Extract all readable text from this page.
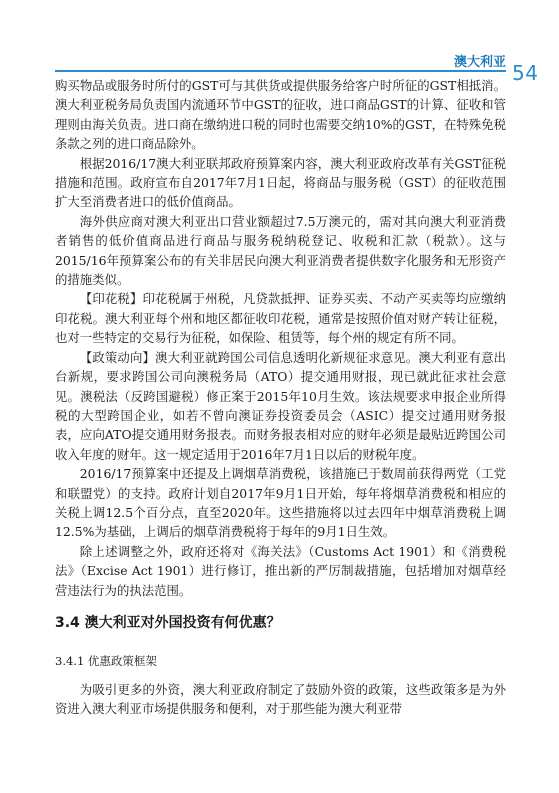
澳大利亚 54

购买物品或服务时所付的GST可与其供货或提供服务给客户时所征的GST相抵消。澳大利亚税务局负责国内流通环节中GST的征收，进口商品GST的计算、征收和管理则由海关负责。进口商在缴纳进口税的同时也需要交纳10%的GST，在特殊免税条款之列的进口商品除外。

根据2016/17澳大利亚联邦政府预算案内容，澳大利亚政府改革有关GST征税措施和范围。政府宣布自2017年7月1日起，将商品与服务税（GST）的征收范围扩大至消费者进口的低价值商品。

海外供应商对澳大利亚出口营业额超过7.5万澳元的，需对其向澳大利亚消费者销售的低价值商品进行商品与服务税纳税登记、收税和汇款（税款）。这与2015/16年预算案公布的有关非居民向澳大利亚消费者提供数字化服务和无形资产的措施类似。

【印花税】印花税属于州税，凡贷款抵押、证券买卖、不动产买卖等均应缴纳印花税。澳大利亚每个州和地区都征收印花税，通常是按照价值对财产转让征税，也对一些特定的交易行为征税，如保险、租赁等，每个州的规定有所不同。

【政策动向】澳大利亚就跨国公司信息透明化新规征求意见。澳大利亚有意出台新规，要求跨国公司向澳税务局（ATO）提交通用财报，现已就此征求社会意见。澳税法（反跨国避税）修正案于2015年10月生效。该法规要求申报企业所得税的大型跨国企业，如若不曾向澳证券投资委员会（ASIC）提交过通用财务报表，应向ATO提交通用财务报表。而财务报表相对应的财年必须是最贴近跨国公司收入年度的财年。这一规定适用于2016年7月1日以后的财税年度。

2016/17预算案中还提及上调烟草消费税，该措施已于数周前获得两党（工党和联盟党）的支持。政府计划自2017年9月1日开始，每年将烟草消费税和相应的关税上调12.5个百分点，直至2020年。这些措施将以过去四年中烟草消费税上调12.5%为基础，上调后的烟草消费税将于每年的9月1日生效。

除上述调整之外，政府还将对《海关法》（Customs Act 1901）和《消费税法》（Excise Act 1901）进行修订，推出新的严厉制裁措施，包括增加对烟草经营违法行为的执法范围。

3.4 澳大利亚对外国投资有何优惠？
3.4.1 优惠政策框架

为吸引更多的外资，澳大利亚政府制定了鼓励外资的政策，这些政策多是为外资进入澳大利亚市场提供服务和便利，对于那些能为澳大利亚带
